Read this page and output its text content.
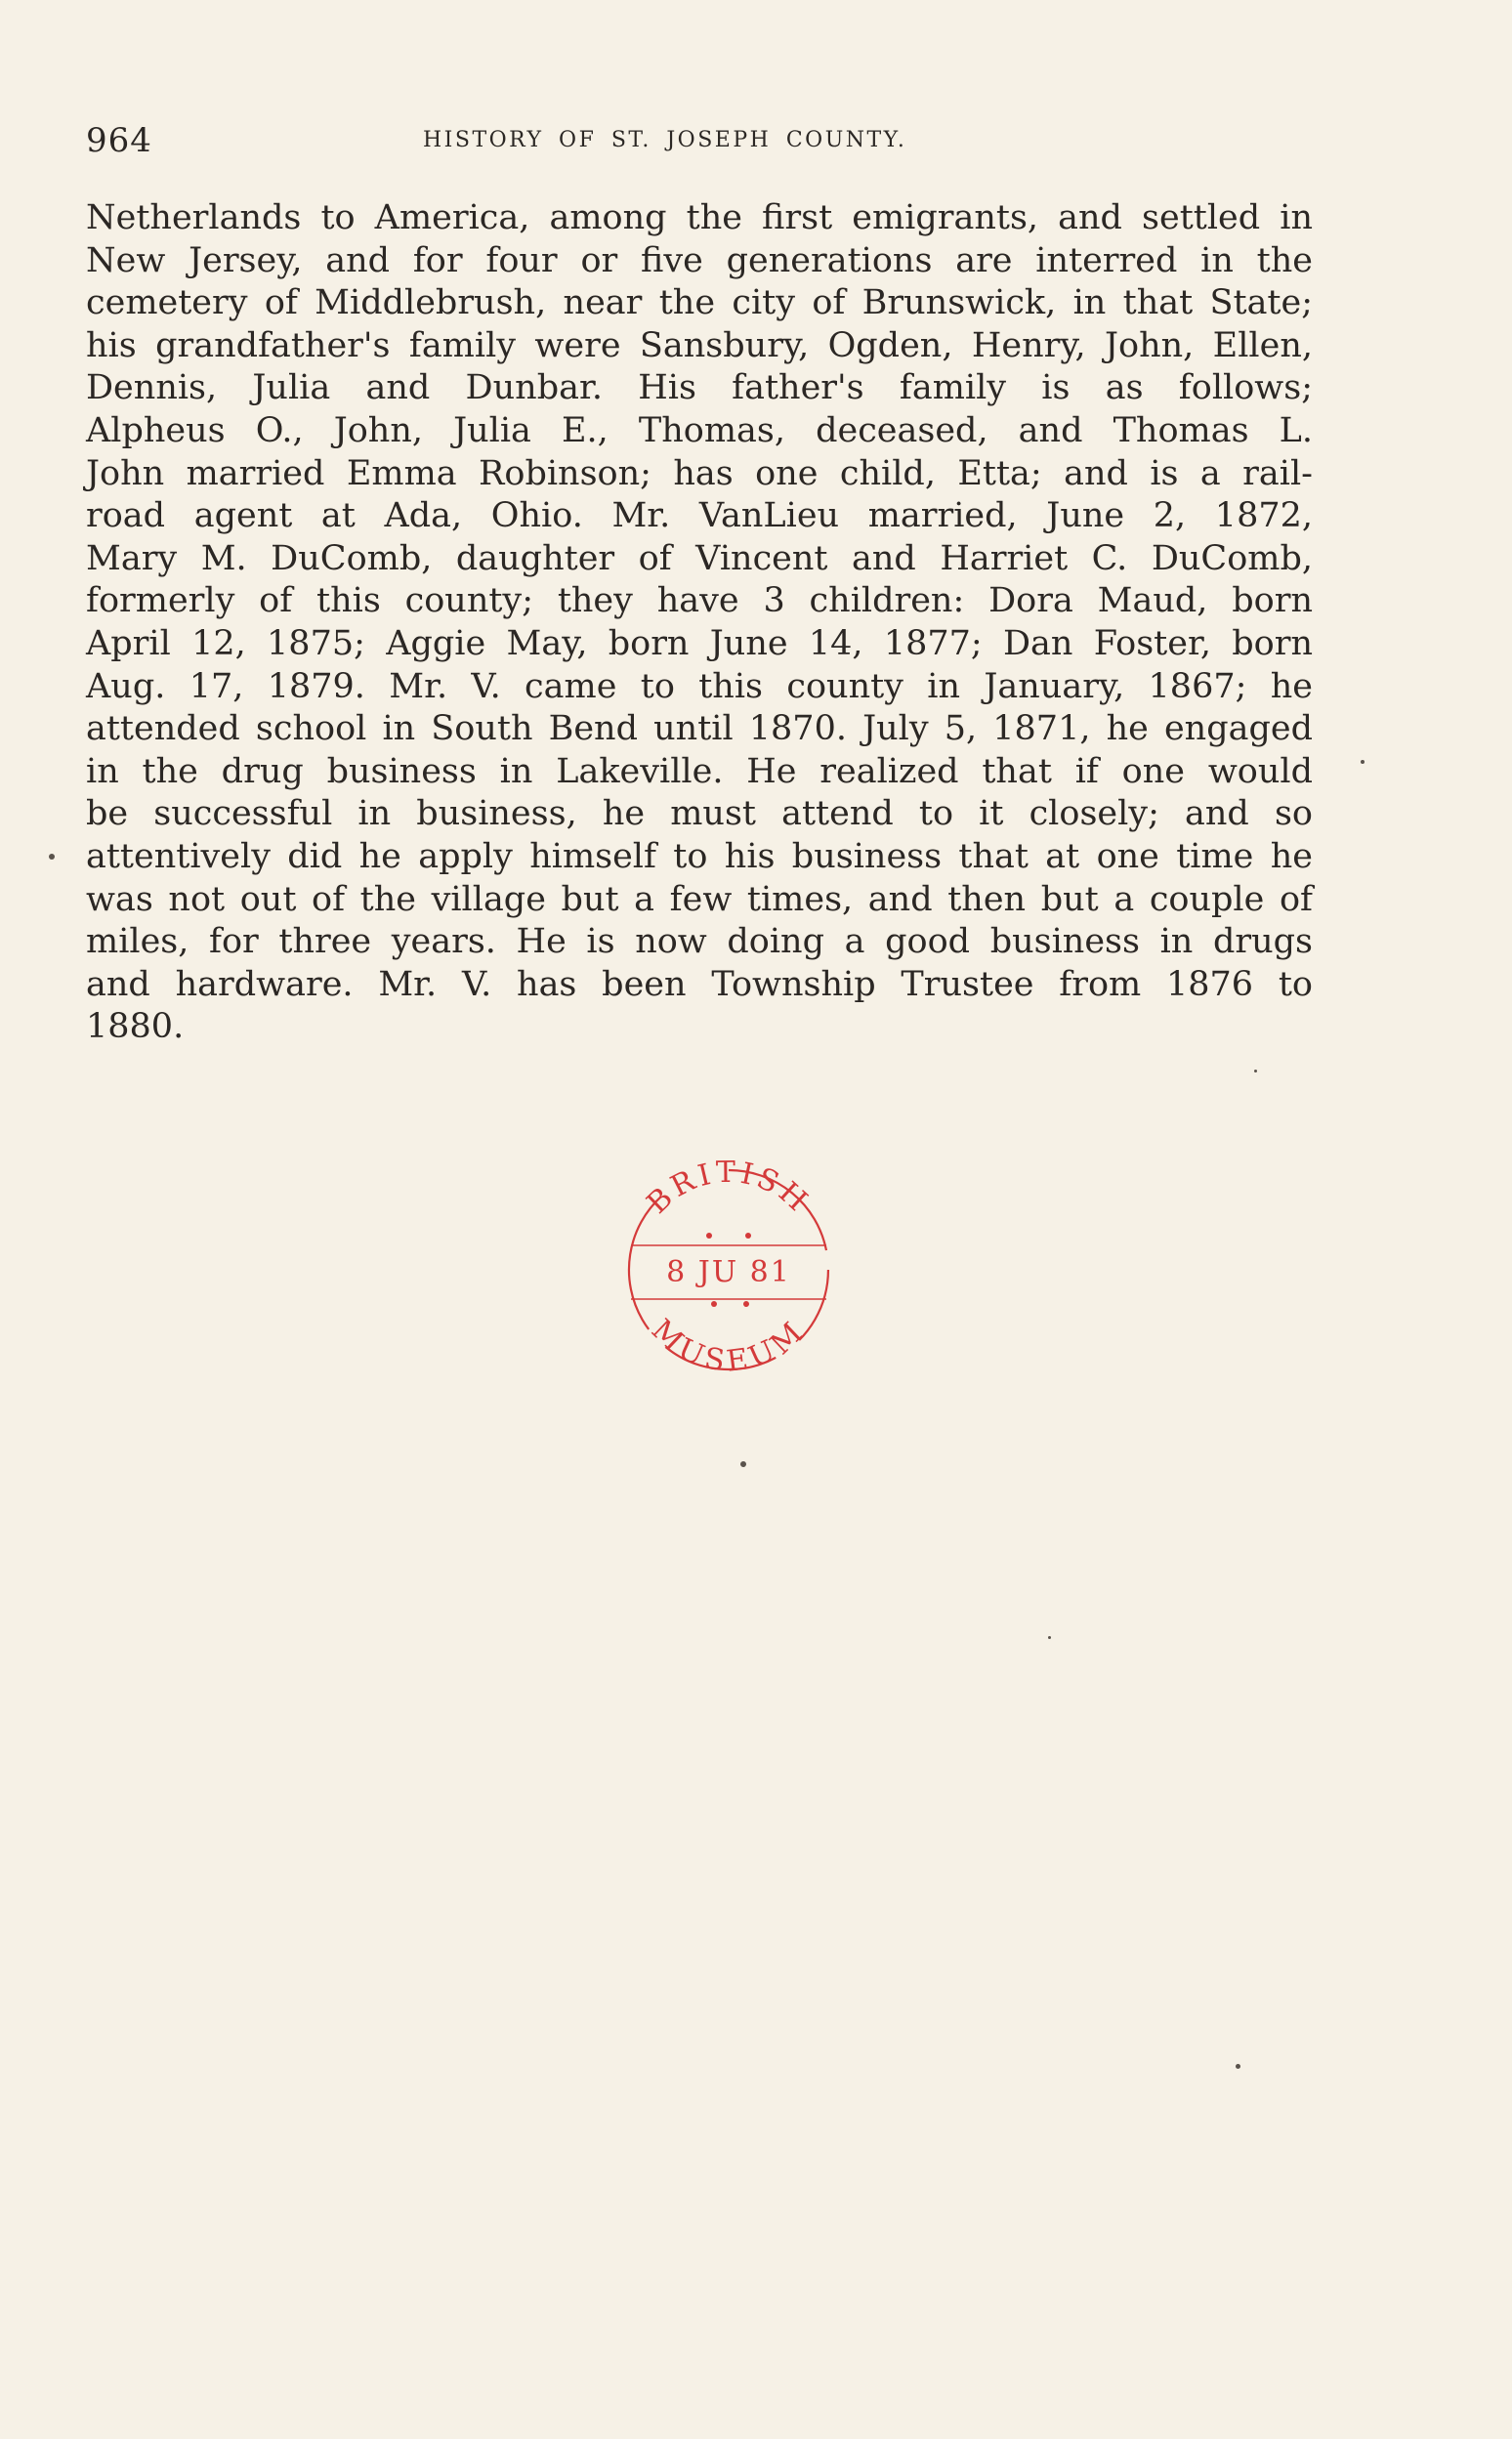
964	HISTORY OF ST. JOSEPH COUNTY.
Netherlands to America, among the first emigrants, and settled in
New Jersey, and for four or five generations are interred in the
cemetery of Middlebrush, near the city of Brunswick, in that State;
his grandfather's family were Sansbury, Ogden, Henry, John, Ellen,
Dennis, Julia and Dunbar. His father's family is as follows;
Alpheus O., John, Julia E., Thomas, deceased, and Thomas L.
John married Emma Robinson; has one child, Etta; and is a rail-
road agent at Ada, Ohio. Mr. VanLieu married, June 2, 1872,
Mary M. DuComb, daughter of Vincent and Harriet C. DuComb,
formerly of this county; they have 3 children: Dora Maud, born
April 12, 1875; Aggie May, born June 14, 1877; Dan Foster, born
Aug. 17, 1879. Mr. V. came to this county in January, 1867; he
attended school in South Bend until 1870. July 5, 1871, he engaged
in the drug business in Lakeville. He realized that if one would
be successful in business, he must attend to it closely; and so
attentively did he apply himself to his business that at one time he
was not out of the village but a few times, and then but a couple of
miles, for three years. He is now doing a good business in drugs
and hardware. Mr. V. has been Township Trustee from 1876 to
1880.
BRITISH
8 JU 81
MUSEUM
